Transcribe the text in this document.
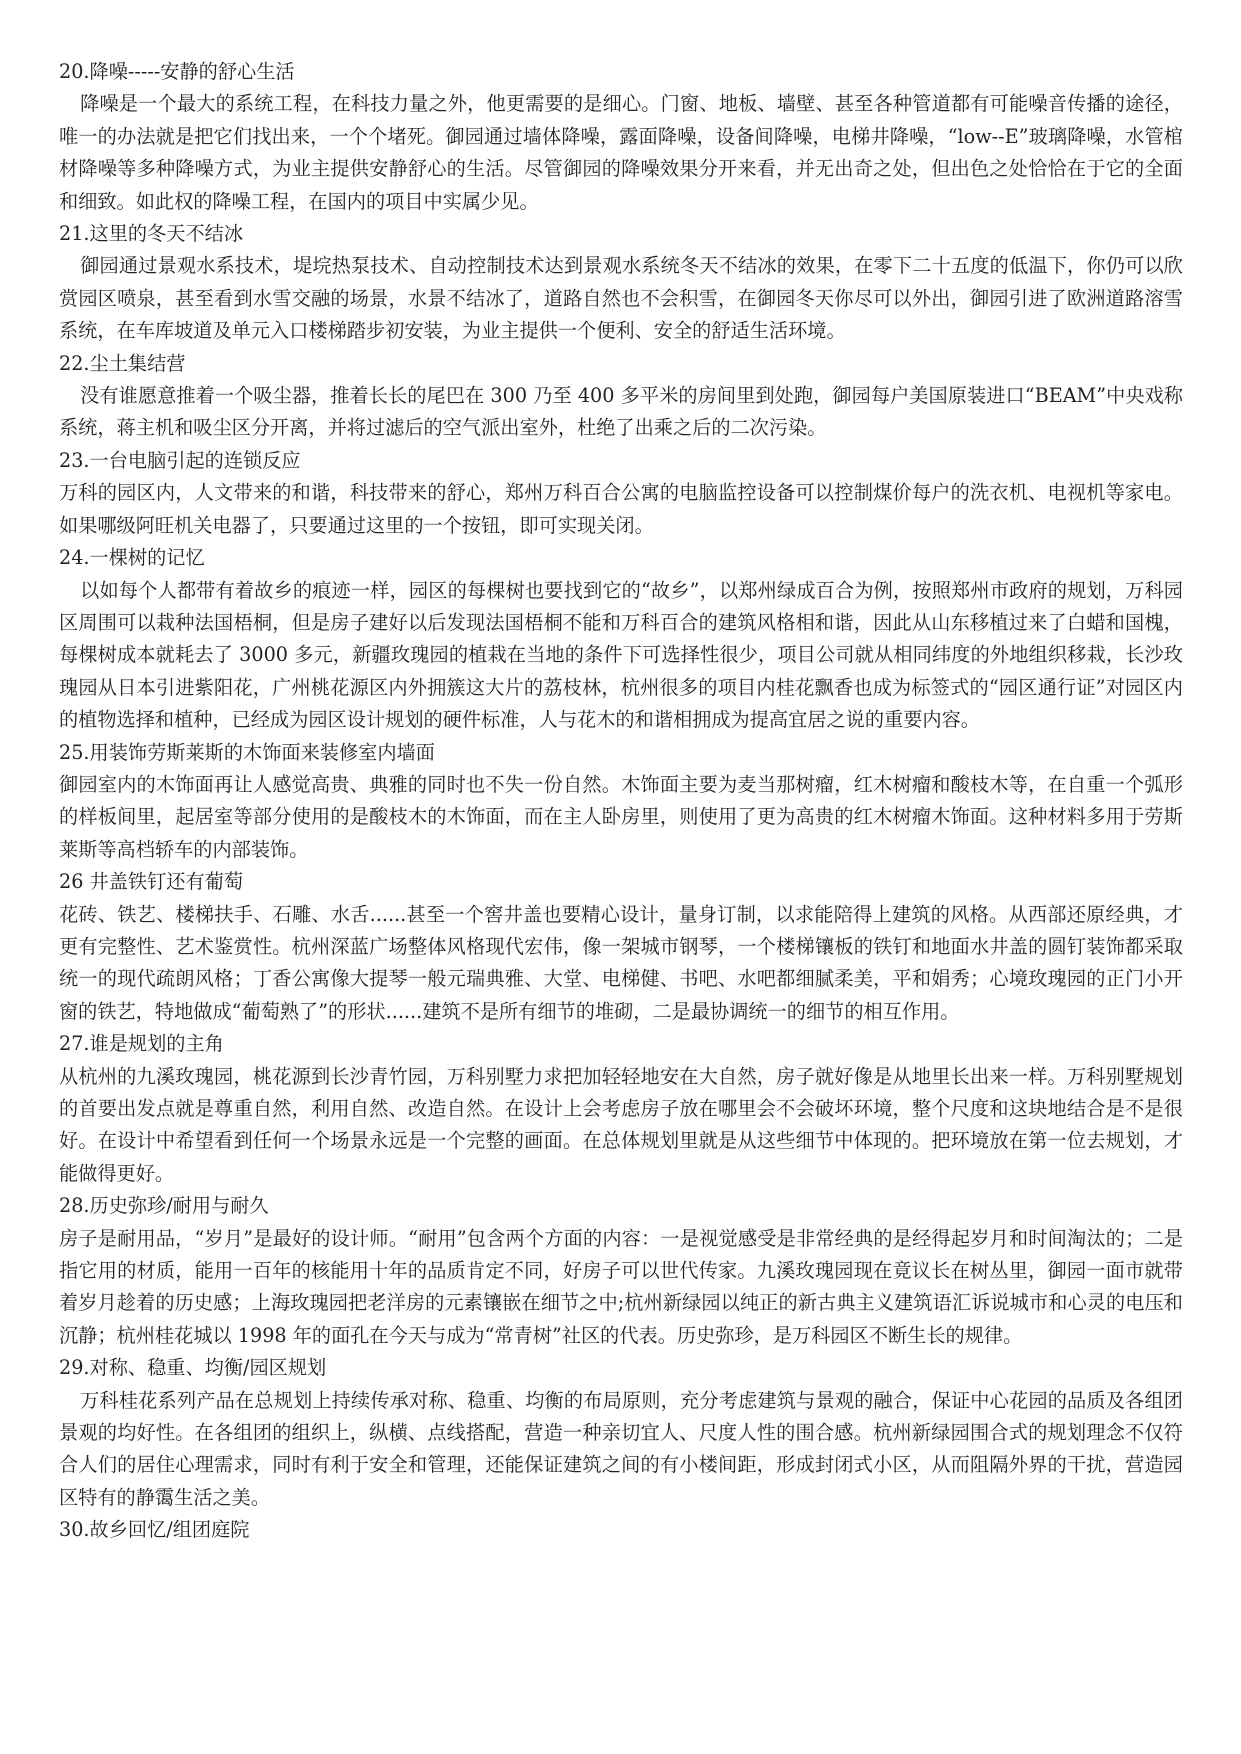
20.降噪-----安静的舒心生活

降噪是一个最大的系统工程，在科技力量之外，他更需要的是细心。门窗、地板、墙壁、甚至各种管道都有可能噪音传播的途径，唯一的办法就是把它们找出来，一个个堵死。御园通过墙体降噪，露面降噪，设备间降噪，电梯井降噪，“low--E”玻璃降噪，水管棺材降噪等多种降噪方式，为业主提供安静舒心的生活。尽管御园的降噪效果分开来看，并无出奇之处，但出色之处恰恰在于它的全面和细致。如此权的降噪工程，在国内的项目中实属少见。

21.这里的冬天不结冰

御园通过景观水系技术，堤垸热泵技术、自动控制技术达到景观水系统冬天不结冰的效果，在零下二十五度的低温下，你仍可以欣赏园区喷泉，甚至看到水雪交融的场景，水景不结冰了，道路自然也不会积雪，在御园冬天你尽可以外出，御园引进了欧洲道路溶雪系统，在车库坡道及单元入口楼梯踏步初安装，为业主提供一个便利、安全的舒适生活环境。

22.尘土集结营

没有谁愿意推着一个吸尘器，推着长长的尾巴在 300 乃至 400 多平米的房间里到处跑，御园每户美国原装进口“BEAM”中央戏称系统，蒋主机和吸尘区分开离，并将过滤后的空气派出室外，杜绝了出乘之后的二次污染。

23.一台电脑引起的连锁反应

万科的园区内，人文带来的和谐，科技带来的舒心，郑州万科百合公寓的电脑监控设备可以控制煤价每户的洗衣机、电视机等家电。如果哪级阿旺机关电器了，只要通过这里的一个按钮，即可实现关闭。

24.一棵树的记忆

以如每个人都带有着故乡的痕迹一样，园区的每棵树也要找到它的“故乡”，以郑州绿成百合为例，按照郑州市政府的规划，万科园区周围可以栽种法国梧桐，但是房子建好以后发现法国梧桐不能和万科百合的建筑风格相和谐，因此从山东移植过来了白蜡和国槐，每棵树成本就耗去了 3000 多元，新疆玫瑰园的植栽在当地的条件下可选择性很少，项目公司就从相同纬度的外地组织移栽，长沙玫瑰园从日本引进紫阳花，广州桃花源区内外拥簇这大片的荔枝林，杭州很多的项目内桂花飘香也成为标签式的“园区通行证”对园区内的植物选择和植种，已经成为园区设计规划的硬件标准，人与花木的和谐相拥成为提高宜居之说的重要内容。

25.用装饰劳斯莱斯的木饰面来装修室内墙面

御园室内的木饰面再让人感觉高贵、典雅的同时也不失一份自然。木饰面主要为麦当那树瘤，红木树瘤和酸枝木等，在自重一个弧形的样板间里，起居室等部分使用的是酸枝木的木饰面，而在主人卧房里，则使用了更为高贵的红木树瘤木饰面。这种材料多用于劳斯莱斯等高档轿车的内部装饰。

26 井盖铁钉还有葡萄

花砖、铁艺、楼梯扶手、石雕、水舌......甚至一个窖井盖也要精心设计，量身订制，以求能陪得上建筑的风格。从西部还原经典，才更有完整性、艺术鉴赏性。杭州深蓝广场整体风格现代宏伟，像一架城市钢琴，一个楼梯镶板的铁钉和地面水井盖的圆钉装饰都采取统一的现代疏朗风格；丁香公寓像大提琴一般元瑞典雅、大堂、电梯健、书吧、水吧都细腻柔美，平和娟秀；心境玫瑰园的正门小开窗的铁艺，特地做成“葡萄熟了”的形状......建筑不是所有细节的堆砌，二是最协调统一的细节的相互作用。

27.谁是规划的主角

从杭州的九溪玫瑰园，桃花源到长沙青竹园，万科别墅力求把加轻轻地安在大自然，房子就好像是从地里长出来一样。万科别墅规划的首要出发点就是尊重自然，利用自然、改造自然。在设计上会考虑房子放在哪里会不会破坏环境，整个尺度和这块地结合是不是很好。在设计中希望看到任何一个场景永远是一个完整的画面。在总体规划里就是从这些细节中体现的。把环境放在第一位去规划，才能做得更好。

28.历史弥珍/耐用与耐久

房子是耐用品，“岁月”是最好的设计师。“耐用”包含两个方面的内容：一是视觉感受是非常经典的是经得起岁月和时间淘汰的；二是指它用的材质，能用一百年的核能用十年的品质肯定不同，好房子可以世代传家。九溪玫瑰园现在竟议长在树丛里，御园一面市就带着岁月趁着的历史感；上海玫瑰园把老洋房的元素镶嵌在细节之中;杭州新绿园以纯正的新古典主义建筑语汇诉说城市和心灵的电压和沉静；杭州桂花城以 1998 年的面孔在今天与成为“常青树”社区的代表。历史弥珍，是万科园区不断生长的规律。

29.对称、稳重、均衡/园区规划

万科桂花系列产品在总规划上持续传承对称、稳重、均衡的布局原则，充分考虑建筑与景观的融合，保证中心花园的品质及各组团景观的均好性。在各组团的组织上，纵横、点线搭配，营造一种亲切宜人、尺度人性的围合感。杭州新绿园围合式的规划理念不仅符合人们的居住心理需求，同时有利于安全和管理，还能保证建筑之间的有小楼间距，形成封闭式小区，从而阻隔外界的干扰，营造园区特有的静霭生活之美。

30.故乡回忆/组团庭院
